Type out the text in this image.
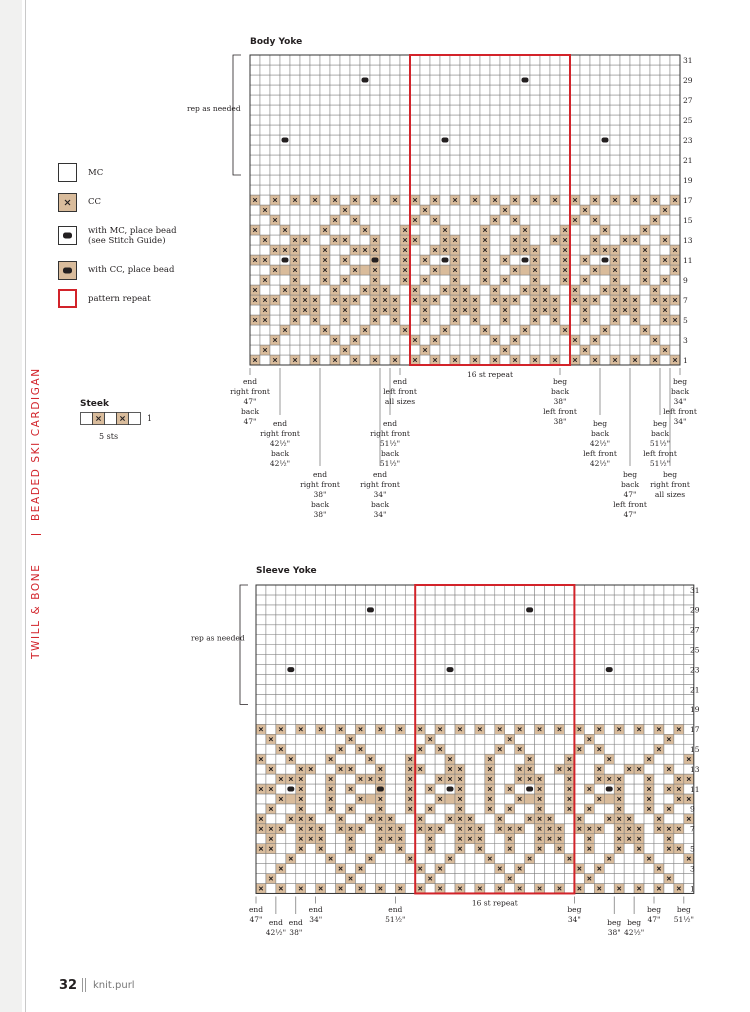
BEADED SKI CARDIGAN
TWILL & BONE
Body Yoke
Sleeve Yoke
MC
CC
with MC, place bead
(see Stitch Guide)
with CC, place bead
pattern repeat
Steek
1
5 sts
16 st repeat
1
3
5
7
9
11
13
15
17
19
21
23
25
27
29
31
rep as needed
16 st repeat
1
3
5
7
9
11
13
15
17
19
21
23
25
27
29
31
rep as needed
end
right front
47"
back
47"	end
right front
42½"
back
42½"
end
right front
38"
back
38"
end
right front
34"
back
34"
end
right front
51½"
back
51½"
end
left front
all sizes
beg
back
38"
left front
38"	beg
back
42½"
left front
42½"
beg
back
47"
left front
47"
beg
back
51½"
left front
51½"
beg
right front
all sizes
beg
back
34"
left front
34"
end
47" end
42½"
end
38"
end
34"
end
51½"
beg
34"	beg
38"
beg
42½"
beg
47"
beg
51½"
32 knit.purl
